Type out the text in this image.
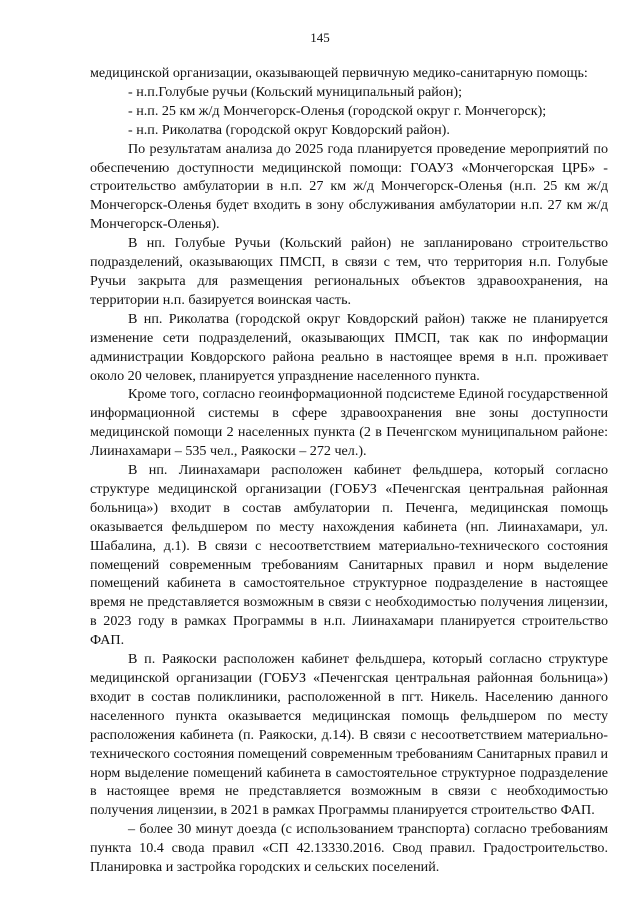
145

медицинской организации, оказывающей первичную медико-санитарную помощь:

- н.п.Голубые ручьи (Кольский муниципальный район);

- н.п. 25 км ж/д Мончегорск-Оленья (городской округ г. Мончегорск);

- н.п. Риколатва (городской округ Ковдорский район).

По результатам анализа до 2025 года планируется проведение мероприятий по обеспечению доступности медицинской помощи: ГОАУЗ «Мончегорская ЦРБ» - строительство амбулатории в н.п. 27 км ж/д Мончегорск-Оленья (н.п. 25 км ж/д Мончегорск-Оленья будет входить в зону обслуживания амбулатории н.п. 27 км ж/д Мончегорск-Оленья).

В нп. Голубые Ручьи (Кольский район) не запланировано строительство подразделений, оказывающих ПМСП, в связи с тем, что территория н.п. Голубые Ручьи закрыта для размещения региональных объектов здравоохранения, на территории н.п. базируется воинская часть.

В нп. Риколатва (городской округ Ковдорский район) также не планируется изменение сети подразделений, оказывающих ПМСП, так как по информации администрации Ковдорского района реально в настоящее время в н.п. проживает около 20 человек, планируется упразднение населенного пункта.

Кроме того, согласно геоинформационной подсистеме Единой государственной информационной системы в сфере здравоохранения вне зоны доступности медицинской помощи 2 населенных пункта (2 в Печенгском муниципальном районе: Лиинахамари – 535 чел., Раякоски – 272 чел.).

В нп. Лиинахамари расположен кабинет фельдшера, который согласно структуре медицинской организации (ГОБУЗ «Печенгская центральная районная больница») входит в состав амбулатории п. Печенга, медицинская помощь оказывается фельдшером по месту нахождения кабинета (нп. Лиинахамари, ул. Шабалина, д.1). В связи с несоответствием материально-технического состояния помещений современным требованиям Санитарных правил и норм выделение помещений кабинета в самостоятельное структурное подразделение в настоящее время не представляется возможным в связи с необходимостью получения лицензии, в 2023 году в рамках Программы в н.п. Лиинахамари планируется строительство ФАП.

В п. Раякоски расположен кабинет фельдшера, который согласно структуре медицинской организации (ГОБУЗ «Печенгская центральная районная больница») входит в состав поликлиники, расположенной в пгт. Никель. Населению данного населенного пункта оказывается медицинская помощь фельдшером по месту расположения кабинета (п. Раякоски, д.14). В связи с несоответствием материально- технического состояния помещений современным требованиям Санитарных правил и норм выделение помещений кабинета в самостоятельное структурное подразделение в настоящее время не представляется возможным в связи с необходимостью получения лицензии, в 2021 в рамках Программы планируется строительство ФАП.

– более 30 минут доезда (с использованием транспорта) согласно требованиям пункта 10.4 свода правил «СП 42.13330.2016. Свод правил. Градостроительство. Планировка и застройка городских и сельских поселений.
